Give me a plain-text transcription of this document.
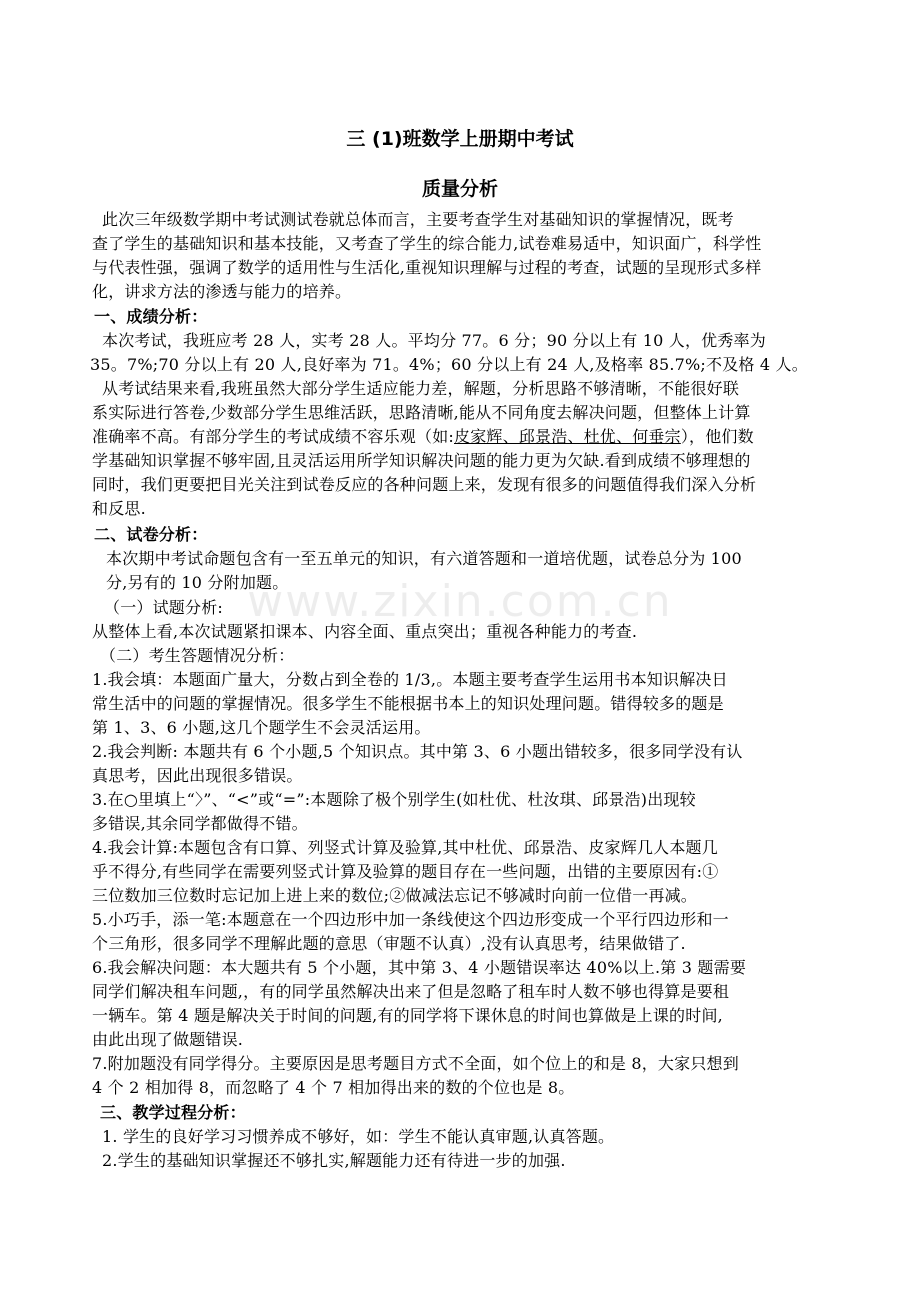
www.zixin.com.cn
三 (1)班数学上册期中考试
质量分析
此次三年级数学期中考试测试卷就总体而言，主要考查学生对基础知识的掌握情况，既考
查了学生的基础知识和基本技能，又考查了学生的综合能力,试卷难易适中，知识面广，科学性
与代表性强，强调了数学的适用性与生活化,重视知识理解与过程的考查，试题的呈现形式多样
化，讲求方法的渗透与能力的培养。
一、成绩分析：
本次考试，我班应考 28 人，实考 28 人。平均分 77。6 分；90 分以上有 10 人，优秀率为
35。7%;70 分以上有 20 人,良好率为 71。4%；60 分以上有 24 人,及格率 85.7%;不及格 4 人。
从考试结果来看,我班虽然大部分学生适应能力差，解题，分析思路不够清晰，不能很好联
系实际进行答卷,少数部分学生思维活跃，思路清晰,能从不同角度去解决问题，但整体上计算
准确率不高。有部分学生的考试成绩不容乐观（如:皮家辉、邱景浩、杜优、何垂宗），他们数
学基础知识掌握不够牢固,且灵活运用所学知识解决问题的能力更为欠缺.看到成绩不够理想的
同时，我们更要把目光关注到试卷反应的各种问题上来，发现有很多的问题值得我们深入分析
和反思.
二、试卷分析：
本次期中考试命题包含有一至五单元的知识，有六道答题和一道培优题，试卷总分为 100
分,另有的 10 分附加题。
（一）试题分析:
从整体上看,本次试题紧扣课本、内容全面、重点突出；重视各种能力的考查.
（二）考生答题情况分析：
1.我会填：本题面广量大，分数占到全卷的 1/3,。本题主要考查学生运用书本知识解决日
常生活中的问题的掌握情况。很多学生不能根据书本上的知识处理问题。错得较多的题是
第 1、3、6 小题,这几个题学生不会灵活运用。
2.我会判断: 本题共有 6 个小题,5 个知识点。其中第 3、6 小题出错较多，很多同学没有认
真思考，因此出现很多错误。
3.在○里填上“〉”、“<”或“=”:本题除了极个别学生(如杜优、杜汝琪、邱景浩)出现较
多错误,其余同学都做得不错。
4.我会计算:本题包含有口算、列竖式计算及验算,其中杜优、邱景浩、皮家辉几人本题几
乎不得分,有些同学在需要列竖式计算及验算的题目存在一些问题，出错的主要原因有:①
三位数加三位数时忘记加上进上来的数位;②做减法忘记不够减时向前一位借一再减。
5.小巧手，添一笔:本题意在一个四边形中加一条线使这个四边形变成一个平行四边形和一
个三角形，很多同学不理解此题的意思（审题不认真）,没有认真思考，结果做错了.
6.我会解决问题：本大题共有 5 个小题，其中第 3、4 小题错误率达 40%以上.第 3 题需要
同学们解决租车问题,，有的同学虽然解决出来了但是忽略了租车时人数不够也得算是要租
一辆车。第 4 题是解决关于时间的问题,有的同学将下课休息的时间也算做是上课的时间,
由此出现了做题错误.
7.附加题没有同学得分。主要原因是思考题目方式不全面，如个位上的和是 8，大家只想到
4 个 2 相加得 8，而忽略了 4 个 7 相加得出来的数的个位也是 8。
三、教学过程分析：
1. 学生的良好学习习惯养成不够好，如：学生不能认真审题,认真答题。
2.学生的基础知识掌握还不够扎实,解题能力还有待进一步的加强.
